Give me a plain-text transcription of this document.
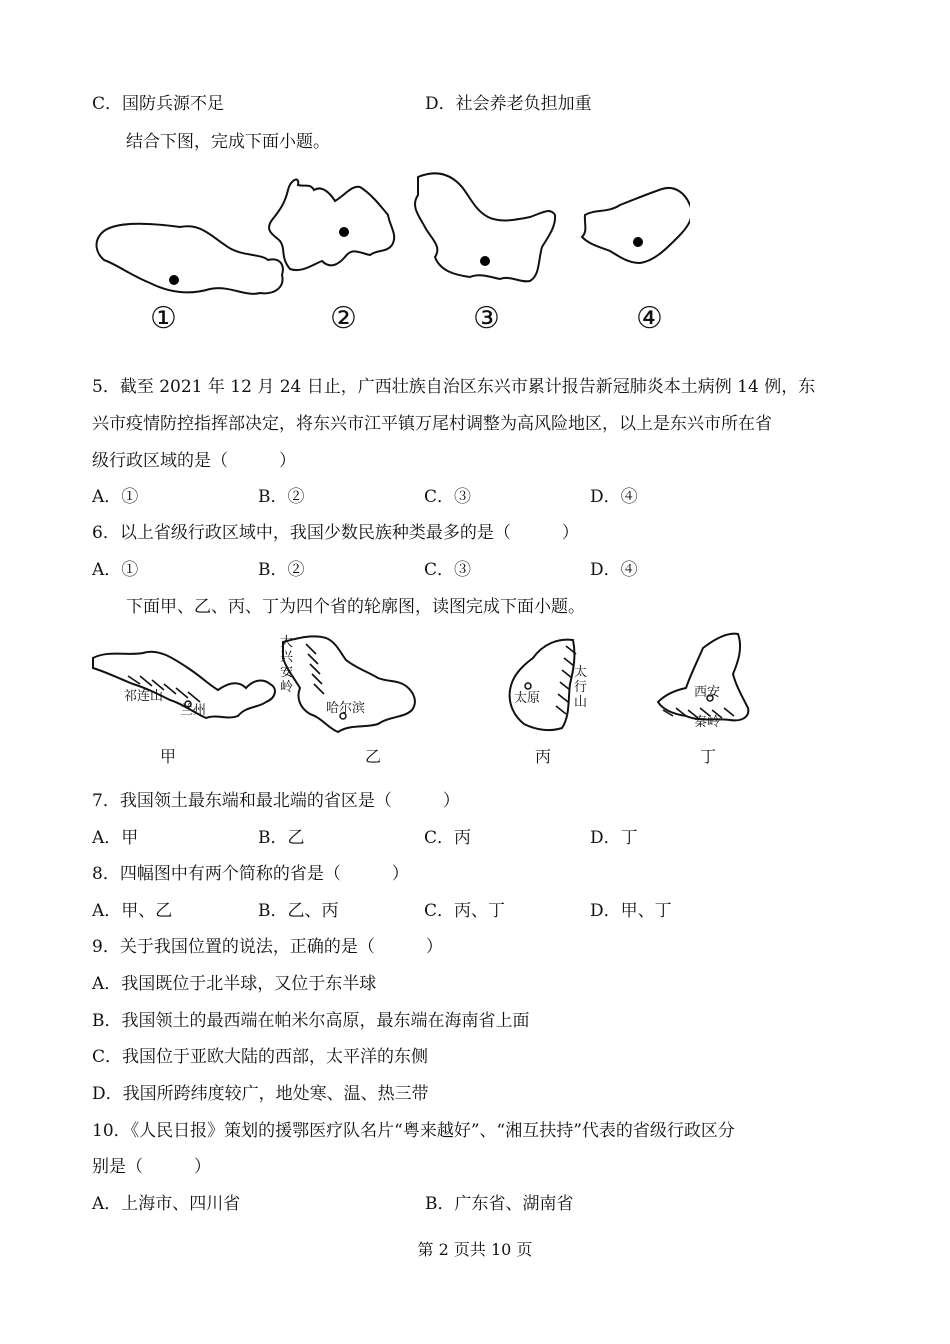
C．国防兵源不足	D．社会养老负担加重
结合下图，完成下面小题。
①	②	③	④
5．截至 2021 年 12 月 24 日止，广西壮族自治区东兴市累计报告新冠肺炎本土病例 14 例，东
兴市疫情防控指挥部决定，将东兴市江平镇万尾村调整为高风险地区，以上是东兴市所在省
级行政区域的是（　　　）
A．①	B．②	C．③	D．④
6．以上省级行政区域中，我国少数民族种类最多的是（　　　）
A．①	B．②	C．③	D．④
下面甲、乙、丙、丁为四个省的轮廓图，读图完成下面小题。
祁连山
兰州
大
兴
安
岭
哈尔滨
太原
太
行
山
西安
秦岭
甲	乙	丙	丁
7．我国领土最东端和最北端的省区是（　　　）
A．甲	B．乙	C．丙	D．丁
8．四幅图中有两个简称的省是（　　　）
A．甲、乙	B．乙、丙	C．丙、丁	D．甲、丁
9．关于我国位置的说法，正确的是（　　　）
A．我国既位于北半球，又位于东半球
B．我国领土的最西端在帕米尔高原，最东端在海南省上面
C．我国位于亚欧大陆的西部，太平洋的东侧
D．我国所跨纬度较广，地处寒、温、热三带
10．《人民日报》策划的援鄂医疗队名片“粤来越好”、“湘互扶持”代表的省级行政区分
别是（　　　）
A．上海市、四川省	B．广东省、湖南省
第 2 页共 10 页
